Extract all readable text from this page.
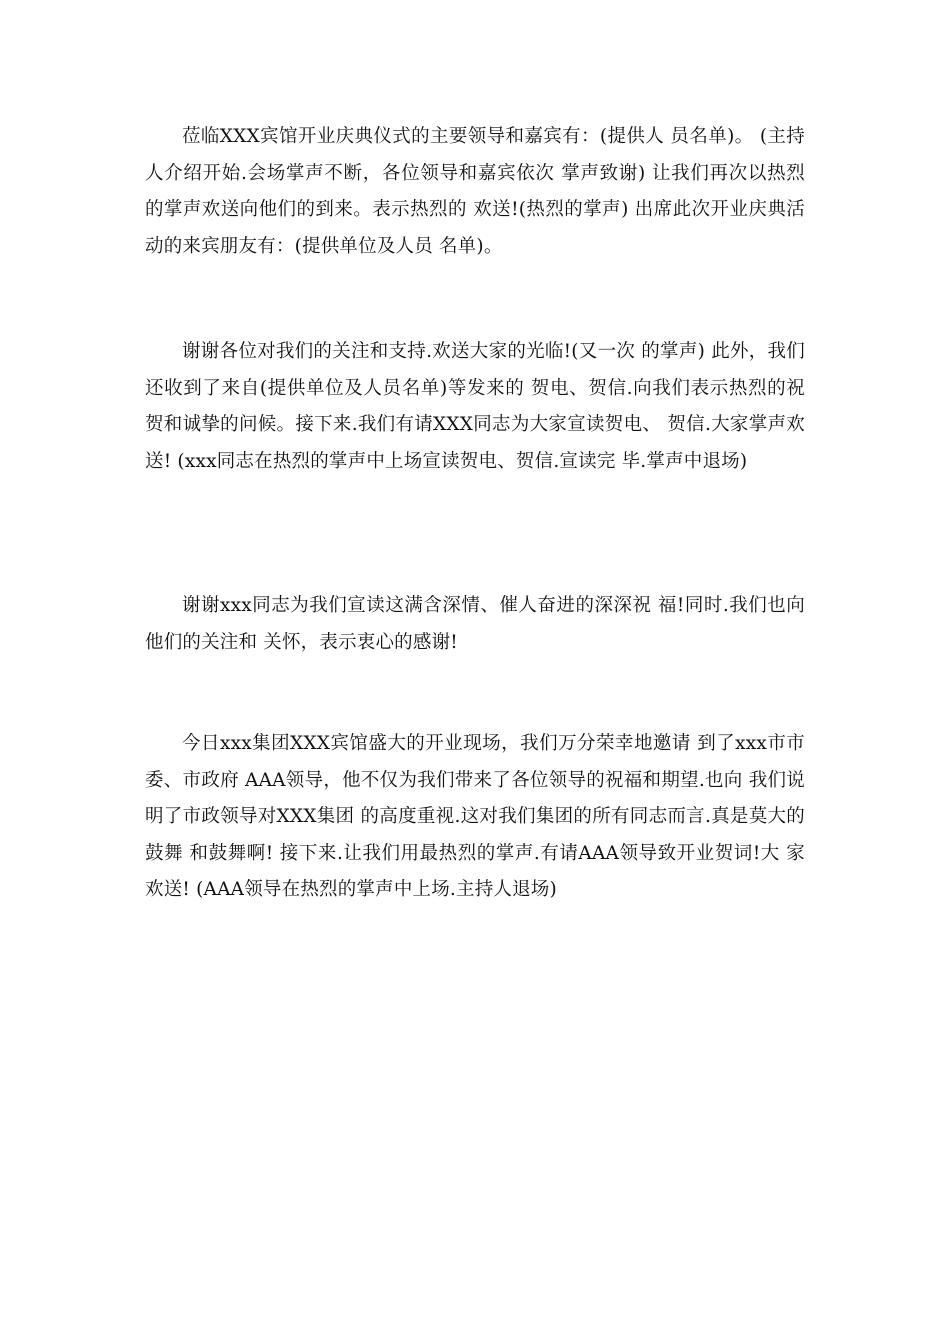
莅临XXX宾馆开业庆典仪式的主要领导和嘉宾有：(提供人 员名单)。 (主持人介绍开始.会场掌声不断，各位领导和嘉宾依次 掌声致谢) 让我们再次以热烈的掌声欢送向他们的到来。表示热烈的 欢送!(热烈的掌声) 出席此次开业庆典活动的来宾朋友有：(提供单位及人员 名单)。

谢谢各位对我们的关注和支持.欢送大家的光临!(又一次 的掌声) 此外，我们还收到了来自(提供单位及人员名单)等发来的 贺电、贺信.向我们表示热烈的祝 贺和诚挚的问候。接下来.我们有请XXX同志为大家宣读贺电、 贺信.大家掌声欢送! (xxx同志在热烈的掌声中上场宣读贺电、贺信.宣读完 毕.掌声中退场)

谢谢xxx同志为我们宣读这满含深情、催人奋进的深深祝 福!同时.我们也向他们的关注和 关怀，表示衷心的感谢!

今日xxx集团XXX宾馆盛大的开业现场，我们万分荣幸地邀请 到了xxx市市委、市政府 AAA领导，他不仅为我们带来了各位领导的祝福和期望.也向 我们说明了市政领导对XXX集团 的高度重视.这对我们集团的所有同志而言.真是莫大的鼓舞 和鼓舞啊! 接下来.让我们用最热烈的掌声.有请AAA领导致开业贺词!大 家欢送! (AAA领导在热烈的掌声中上场.主持人退场)
